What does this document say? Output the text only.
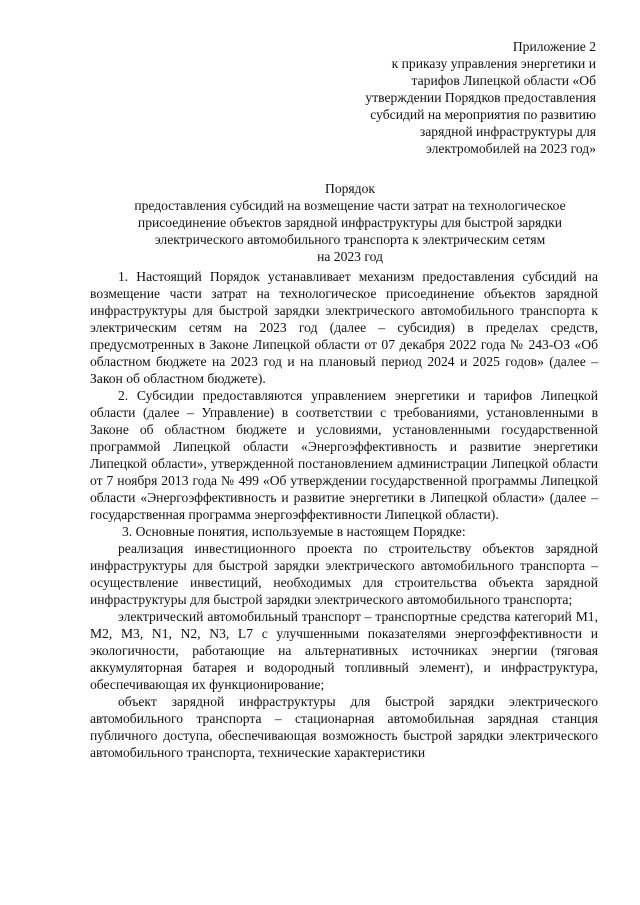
Приложение 2
к приказу управления энергетики и
тарифов Липецкой области «Об
утверждении Порядков предоставления
субсидий на мероприятия по развитию
зарядной инфраструктуры для
электромобилей на 2023 год»
Порядок
предоставления субсидий на возмещение части затрат на технологическое
присоединение объектов зарядной инфраструктуры для быстрой зарядки
электрического автомобильного транспорта к электрическим сетям
на 2023 год

1. Настоящий Порядок устанавливает механизм предоставления субсидий на возмещение части затрат на технологическое присоединение объектов зарядной инфраструктуры для быстрой зарядки электрического автомобильного транспорта к электрическим сетям на 2023 год (далее – субсидия) в пределах средств, предусмотренных в Законе Липецкой области от 07 декабря 2022 года № 243-ОЗ «Об областном бюджете на 2023 год и на плановый период 2024 и 2025 годов» (далее – Закон об областном бюджете).

2. Субсидии предоставляются управлением энергетики и тарифов Липецкой области (далее – Управление) в соответствии с требованиями, установленными в Законе об областном бюджете и условиями, установленными государственной программой Липецкой области «Энергоэффективность и развитие энергетики Липецкой области», утвержденной постановлением администрации Липецкой области от 7 ноября 2013 года № 499 «Об утверждении государственной программы Липецкой области «Энергоэффективность и развитие энергетики в Липецкой области» (далее – государственная программа энергоэффективности Липецкой области).

3. Основные понятия, используемые в настоящем Порядке:

реализация инвестиционного проекта по строительству объектов зарядной инфраструктуры для быстрой зарядки электрического автомобильного транспорта – осуществление инвестиций, необходимых для строительства объекта зарядной инфраструктуры для быстрой зарядки электрического автомобильного транспорта;

электрический автомобильный транспорт – транспортные средства категорий M1, M2, M3, N1, N2, N3, L7 с улучшенными показателями энергоэффективности и экологичности, работающие на альтернативных источниках энергии (тяговая аккумуляторная батарея и водородный топливный элемент), и инфраструктура, обеспечивающая их функционирование;

объект зарядной инфраструктуры для быстрой зарядки электрического автомобильного транспорта – стационарная автомобильная зарядная станция публичного доступа, обеспечивающая возможность быстрой зарядки электрического автомобильного транспорта, технические характеристики
